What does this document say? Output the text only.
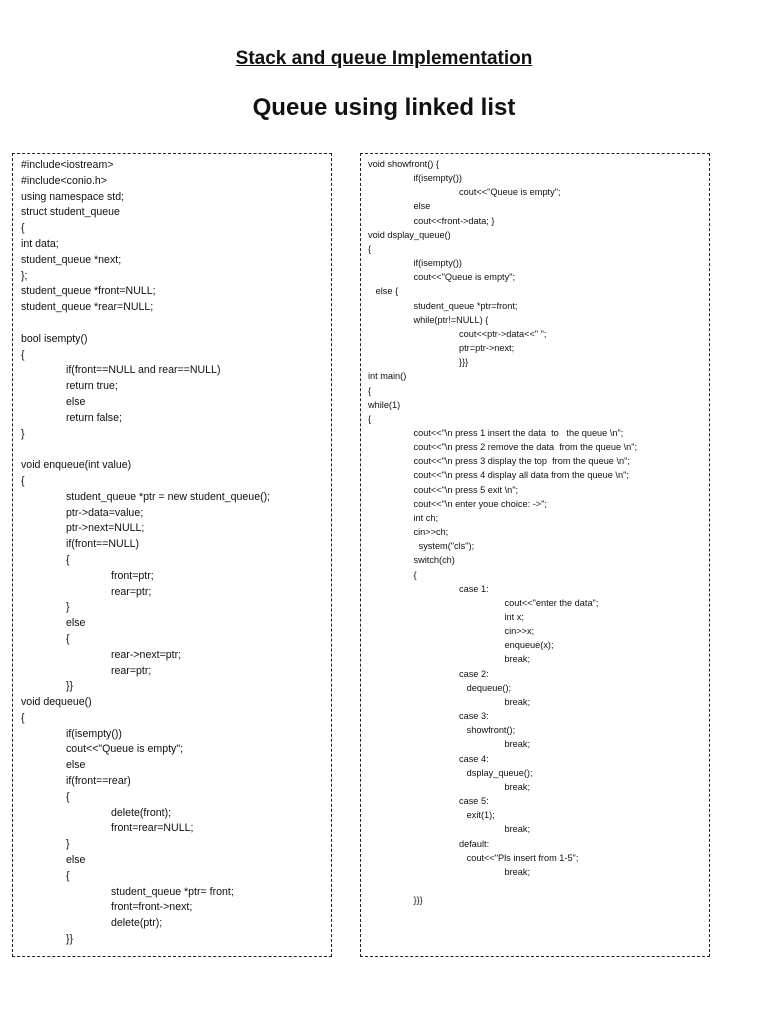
Stack and queue Implementation
Queue using linked list
#include<iostream>
#include<conio.h>
using namespace std;
struct student_queue
{
int data;
student_queue *next;
};
student_queue *front=NULL;
student_queue *rear=NULL;
bool isempty()
{
	if(front==NULL and rear==NULL)
	return true;
	else
	return false;
}
void enqueue(int value)
{
	student_queue *ptr = new student_queue();
	ptr->data=value;
	ptr->next=NULL;
	if(front==NULL)
	{
		front=ptr;
		rear=ptr;
	}
	else
	{
		rear->next=ptr;
		rear=ptr;
	}}
void dequeue()
{
	if(isempty())
	cout<<"Queue is empty";
	else
	if(front==rear)
	{
		delete(front);
		front=rear=NULL;
	}
	else
	{
		student_queue *ptr= front;
		front=front->next;
		delete(ptr);
	}}
void showfront() {
	if(isempty())
		cout<<"Queue is empty";
	else
	cout<<front->data; }
void dsplay_queue()
{
	if(isempty())
	cout<<"Queue is empty";
else {
	student_queue *ptr=front;
	while(ptr!=NULL) {
		cout<<ptr->data<<" ";
		ptr=ptr->next;
		}}}
int main()
{
while(1)
{
	cout<<"\n press 1 insert the data  to   the queue \n";
	cout<<"\n press 2 remove the data  from the queue \n";
	cout<<"\n press 3 display the top  from the queue \n";
	cout<<"\n press 4 display all data from the queue \n";
	cout<<"\n press 5 exit \n";
	cout<<"\n enter youe choice: ->";
	int ch;
	cin>>ch;
	system("cls");
	switch(ch)
	{
		case 1:
			cout<<"enter the data";
			int x;
			cin>>x;
			enqueue(x);
			break;
		case 2:
		dequeue();
			break;
		case 3:
		showfront();
			break;
		case 4:
		dsplay_queue();
			break;
		case 5:
		exit(1);
			break;
		default:
		cout<<"Pls insert from 1-5";
			break;
	}}}
